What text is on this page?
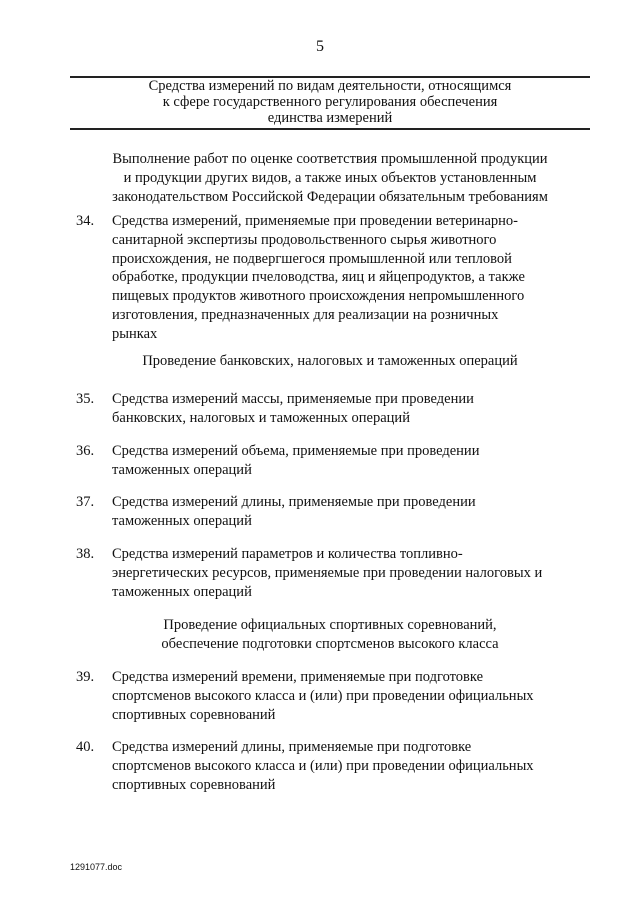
5
Средства измерений по видам деятельности, относящимся
к сфере государственного регулирования обеспечения
единства измерений
Выполнение работ по оценке соответствия промышленной продукции
и продукции других видов, а также иных объектов установленным
законодательством Российской Федерации обязательным требованиям
34. Средства измерений, применяемые при проведении ветеринарно-
санитарной экспертизы продовольственного сырья животного
происхождения, не подвергшегося промышленной или тепловой
обработке, продукции пчеловодства, яиц и яйцепродуктов, а также
пищевых продуктов животного происхождения непромышленного
изготовления, предназначенных для реализации на розничных
рынках
Проведение банковских, налоговых и таможенных операций
35. Средства измерений массы, применяемые при проведении
банковских, налоговых и таможенных операций
36. Средства измерений объема, применяемые при проведении
таможенных операций
37. Средства измерений длины, применяемые при проведении
таможенных операций
38. Средства измерений параметров и количества топливно-
энергетических ресурсов, применяемые при проведении налоговых и
таможенных операций
Проведение официальных спортивных соревнований,
обеспечение подготовки спортсменов высокого класса
39. Средства измерений времени, применяемые при подготовке
спортсменов высокого класса и (или) при проведении официальных
спортивных соревнований
40. Средства измерений длины, применяемые при подготовке
спортсменов высокого класса и (или) при проведении официальных
спортивных соревнований
1291077.doc
